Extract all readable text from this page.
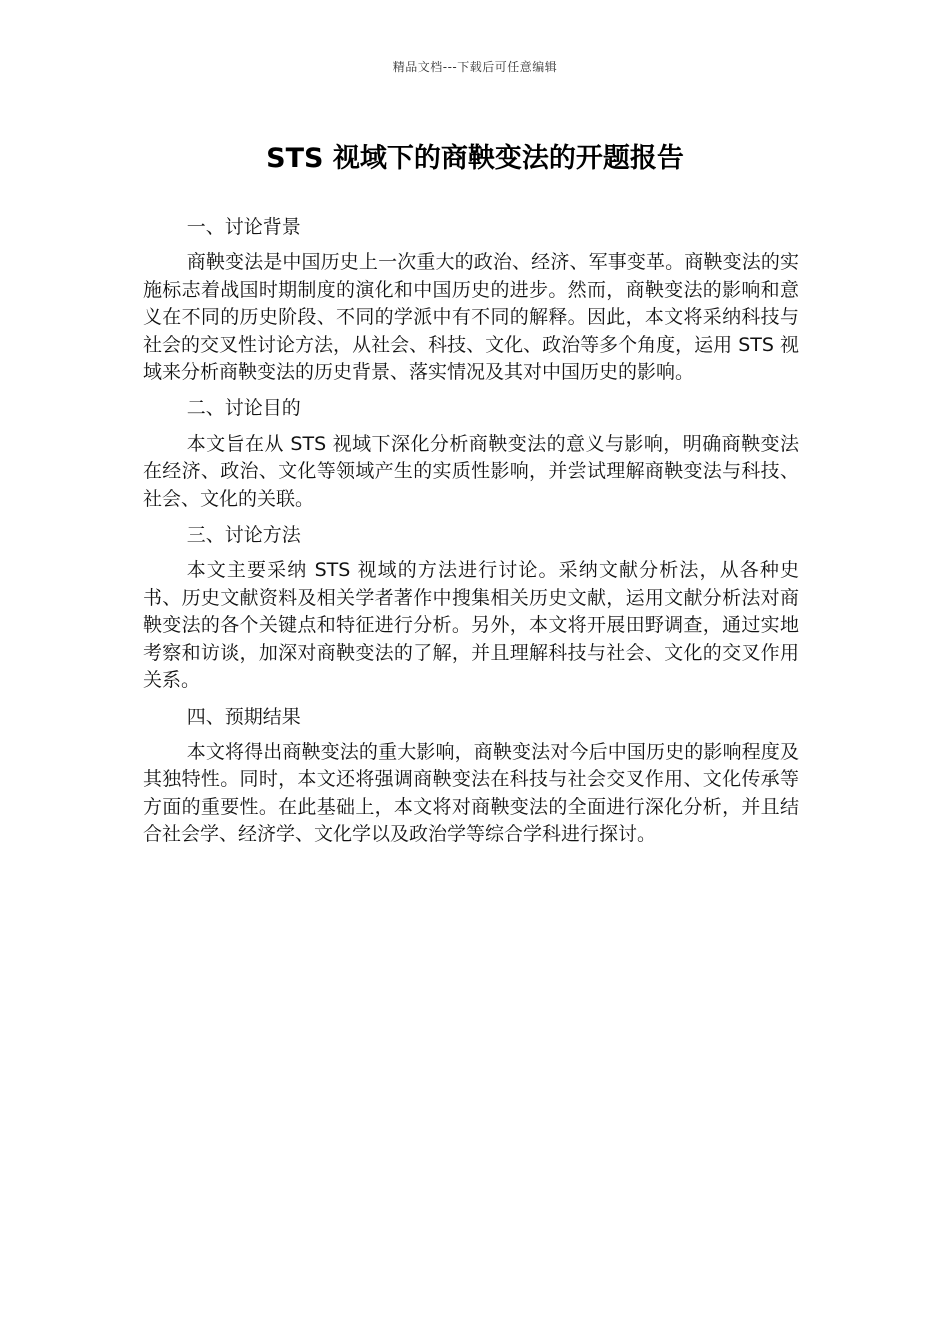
精品文档---下载后可任意编辑
STS 视域下的商鞅变法的开题报告

一、讨论背景

商鞅变法是中国历史上一次重大的政治、经济、军事变革。商鞅变法的实施标志着战国时期制度的演化和中国历史的进步。然而，商鞅变法的影响和意义在不同的历史阶段、不同的学派中有不同的解释。因此，本文将采纳科技与社会的交叉性讨论方法，从社会、科技、文化、政治等多个角度，运用 STS 视域来分析商鞅变法的历史背景、落实情况及其对中国历史的影响。

二、讨论目的

本文旨在从 STS 视域下深化分析商鞅变法的意义与影响，明确商鞅变法在经济、政治、文化等领域产生的实质性影响，并尝试理解商鞅变法与科技、社会、文化的关联。

三、讨论方法

本文主要采纳 STS 视域的方法进行讨论。采纳文献分析法，从各种史书、历史文献资料及相关学者著作中搜集相关历史文献，运用文献分析法对商鞅变法的各个关键点和特征进行分析。另外，本文将开展田野调查，通过实地考察和访谈，加深对商鞅变法的了解，并且理解科技与社会、文化的交叉作用关系。

四、预期结果

本文将得出商鞅变法的重大影响，商鞅变法对今后中国历史的影响程度及其独特性。同时，本文还将强调商鞅变法在科技与社会交叉作用、文化传承等方面的重要性。在此基础上，本文将对商鞅变法的全面进行深化分析，并且结合社会学、经济学、文化学以及政治学等综合学科进行探讨。
